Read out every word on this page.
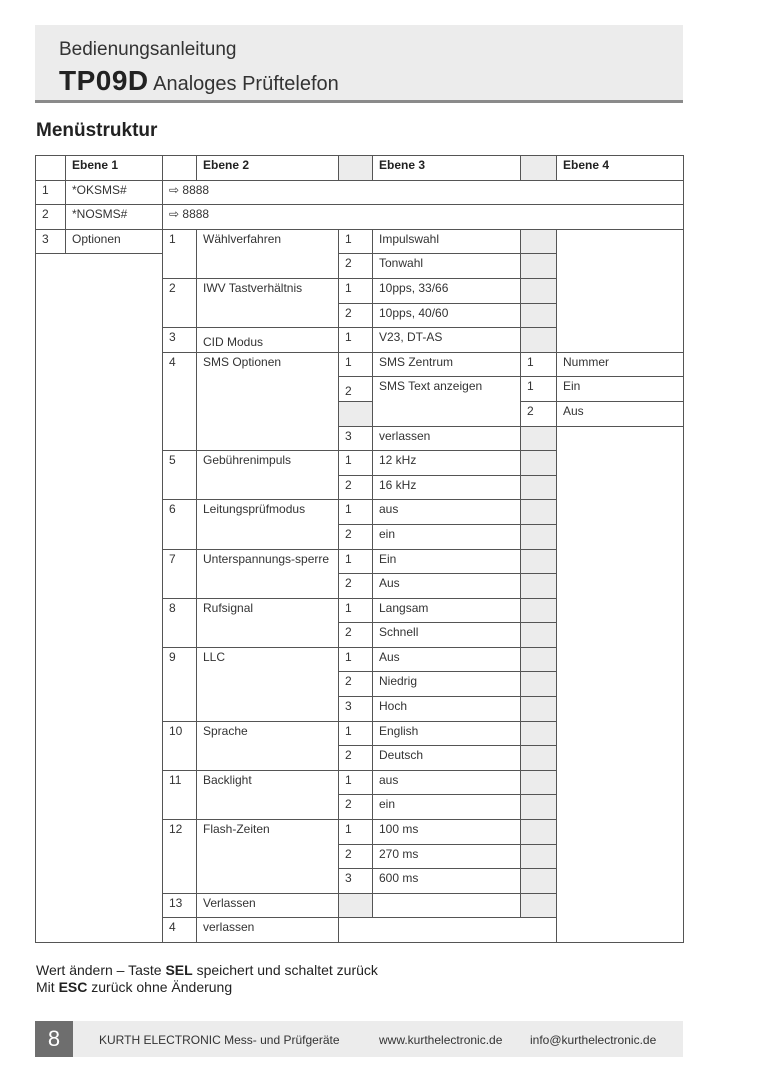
Bedienungsanleitung
TP09D Analoges Prüftelefon
Menüstruktur
	Ebene 1		Ebene 2		Ebene 3		Ebene 4
1	*OKSMS#	⇨ 8888					
2	*NOSMS#	⇨ 8888					
3	Optionen	1	Wählverfahren	1	Impulswahl		
				2	Tonwahl		
		2	IWV Tastverhältnis	1	10pps, 33/66		
				2	10pps, 40/60		
		3	CID Modus	1	V23, DT-AS		
		4	SMS Optionen	1	SMS Zentrum	1	Nummer
				2	SMS Text anzeigen	1	Ein
						2	Aus
				3	verlassen		
		5	Gebührenimpuls	1	12 kHz		
				2	16 kHz		
		6	Leitungsprüfmodus	1	aus		
				2	ein		
		7	Unterspannungs-sperre	1	Ein		
				2	Aus		
		8	Rufsignal	1	Langsam		
				2	Schnell		
		9	LLC	1	Aus		
				2	Niedrig		
				3	Hoch		
		10	Sprache	1	English		
				2	Deutsch		
		11	Backlight	1	aus		
				2	ein		
		12	Flash-Zeiten	1	100 ms		
				2	270 ms		
				3	600 ms		
		13	Verlassen				
		4	verlassen				
Wert ändern – Taste SEL speichert und schaltet zurück
Mit ESC zurück ohne Änderung
8	KURTH ELECTRONIC Mess- und Prüfgeräte	www.kurthelectronic.de info@kurthelectronic.de
